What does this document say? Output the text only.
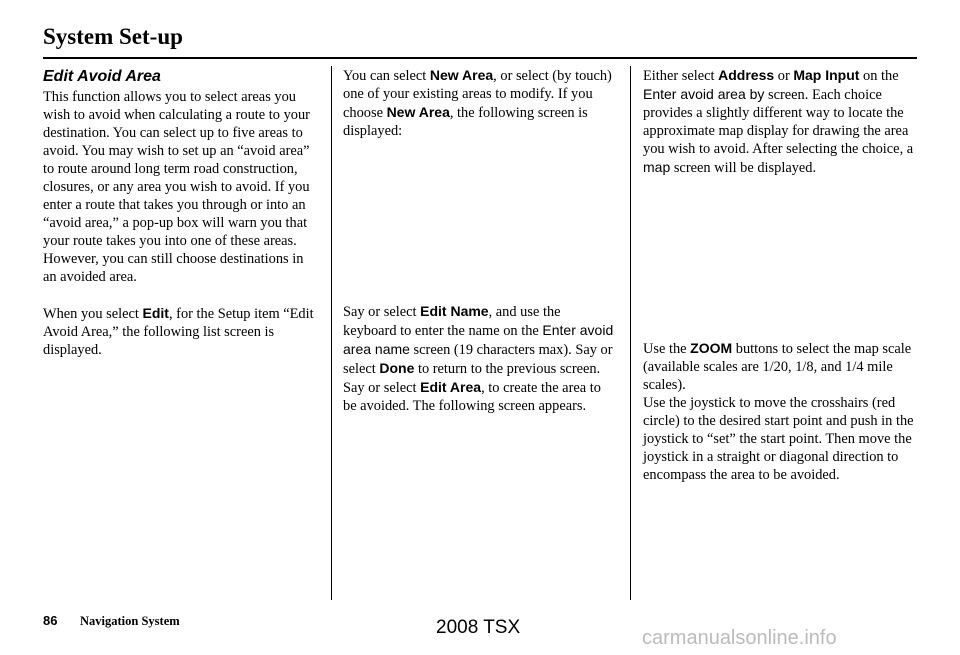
System Set-up
Edit Avoid Area

This function allows you to select areas you wish to avoid when calculating a route to your destination. You can select up to five areas to avoid. You may wish to set up an “avoid area” to route around long term road construction, closures, or any area you wish to avoid. If you enter a route that takes you through or into an “avoid area,” a pop-up box will warn you that your route takes you into one of these areas. However, you can still choose destinations in an avoided area.

When you select Edit, for the Setup item “Edit Avoid Area,” the following list screen is displayed.

You can select New Area, or select (by touch) one of your existing areas to modify. If you choose New Area, the following screen is displayed:

Say or select Edit Name, and use the keyboard to enter the name on the Enter avoid area name screen (19 characters max). Say or select Done to return to the previous screen. Say or select Edit Area, to create the area to be avoided. The following screen appears.

Either select Address or Map Input on the Enter avoid area by screen. Each choice provides a slightly different way to locate the approximate map display for drawing the area you wish to avoid. After selecting the choice, a map screen will be displayed.

Use the ZOOM buttons to select the map scale (available scales are 1/20, 1/8, and 1/4 mile scales).

Use the joystick to move the crosshairs (red circle) to the desired start point and push in the joystick to “set” the start point. Then move the joystick in a straight or diagonal direction to encompass the area to be avoided.

86 Navigation System	2008 TSX	carmanualsonline.info
